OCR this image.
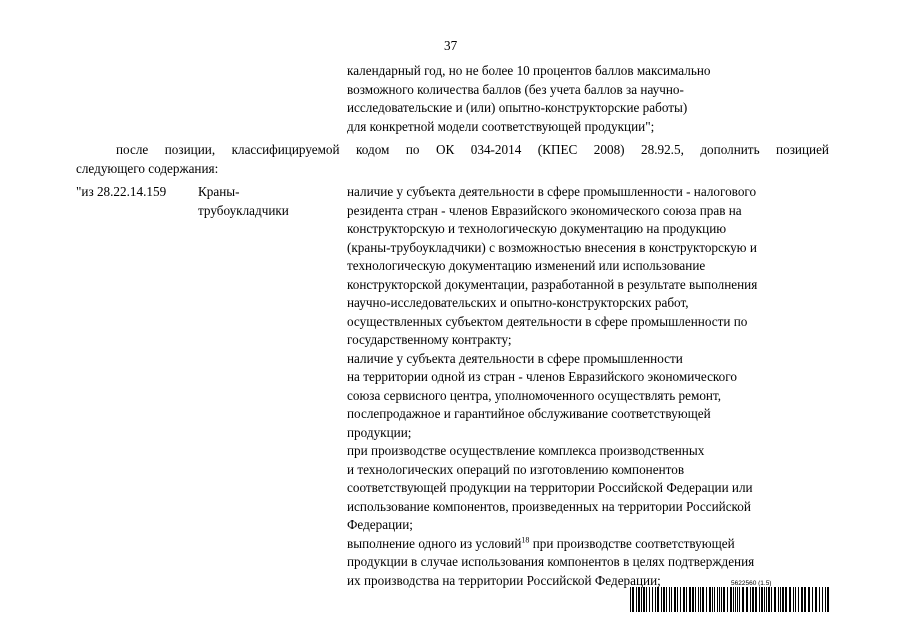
37
календарный год, но не более 10 процентов баллов максимально
возможного количества баллов (без учета баллов за научно-
исследовательские и (или) опытно-конструкторские работы)
для конкретной модели соответствующей продукции";
после позиции, классифицируемой кодом по ОК 034-2014 (КПЕС 2008) 28.92.5, дополнить позицией
следующего содержания:
"из 28.22.14.159 Краны-
трубоукладчики
наличие у субъекта деятельности в сфере промышленности - налогового
резидента стран - членов Евразийского экономического союза прав на
конструкторскую и технологическую документацию на продукцию
(краны-трубоукладчики) с возможностью внесения в конструкторскую и
технологическую документацию изменений или использование
конструкторской документации, разработанной в результате выполнения
научно-исследовательских и опытно-конструкторских работ,
осуществленных субъектом деятельности в сфере промышленности по
государственному контракту;
наличие у субъекта деятельности в сфере промышленности
на территории одной из стран - членов Евразийского экономического
союза сервисного центра, уполномоченного осуществлять ремонт,
послепродажное и гарантийное обслуживание соответствующей
продукции;
при производстве осуществление комплекса производственных
и технологических операций по изготовлению компонентов
соответствующей продукции на территории Российской Федерации или
использование компонентов, произведенных на территории Российской
Федерации;
выполнение одного из условий$^{18}$ при производстве соответствующей
продукции в случае использования компонентов в целях подтверждения
их производства на территории Российской Федерации;	5622560 (1.5)
